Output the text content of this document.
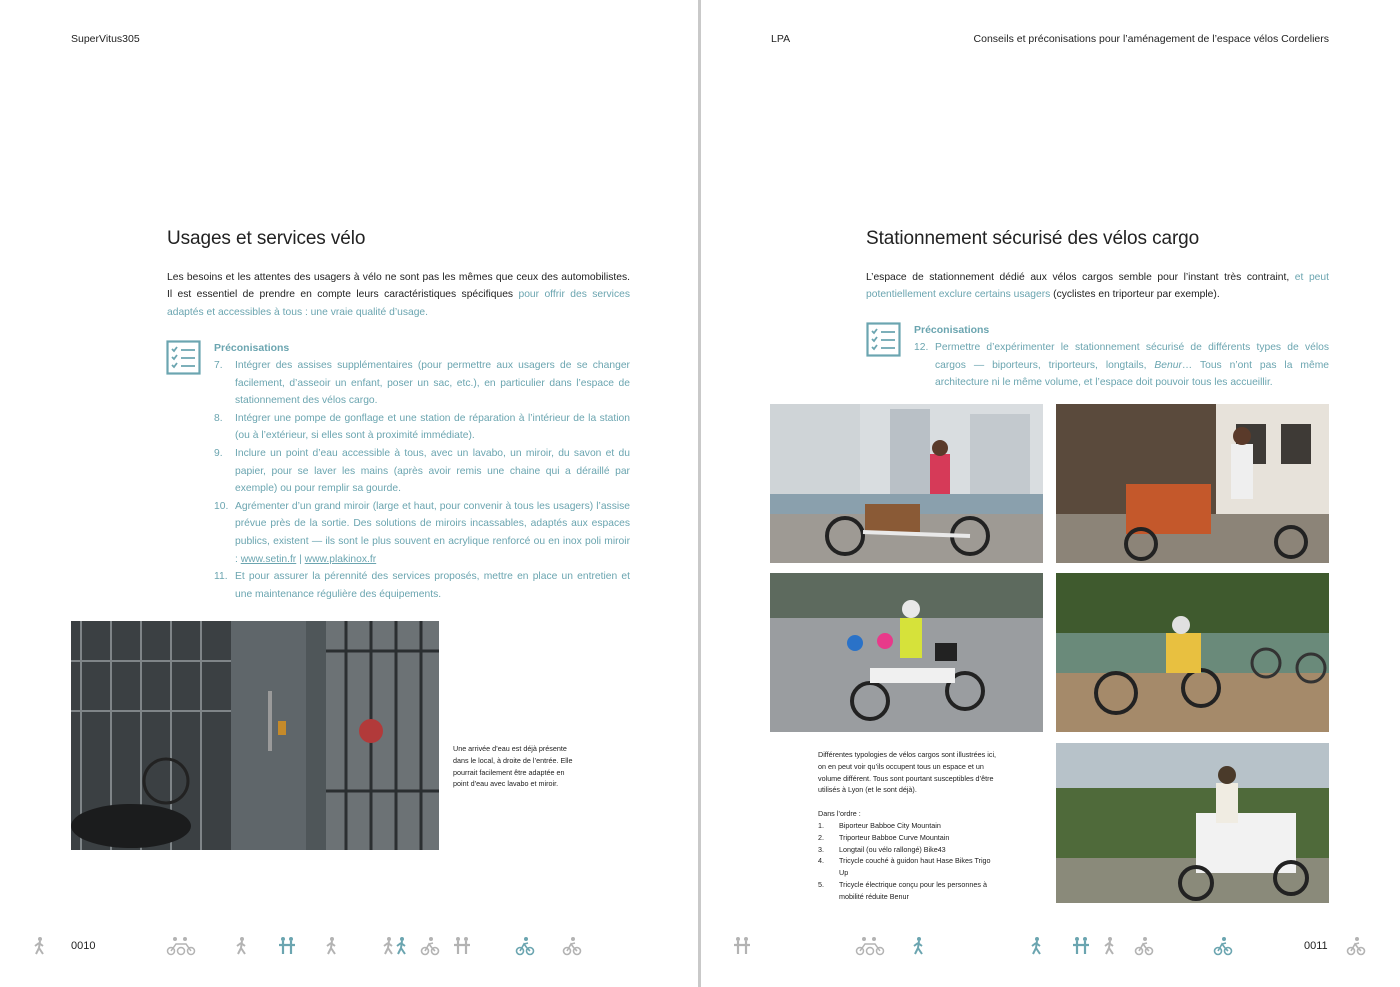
SuperVitus305
Usages et services vélo

Les besoins et les attentes des usagers à vélo ne sont pas les mêmes que ceux des automobilistes. Il est essentiel de prendre en compte leurs caractéristiques spécifiques pour offrir des services adaptés et accessibles à tous : une vraie qualité d’usage.

Préconisations
7.	Intégrer des assises supplémentaires (pour permettre aux usagers de se changer facilement, d’asseoir un enfant, poser un sac, etc.), en particulier dans l’espace de stationnement des vélos cargo.
8.	Intégrer une pompe de gonflage et une station de réparation à l’intérieur de la station (ou à l’extérieur, si elles sont à proximité immédiate).
9.	Inclure un point d’eau accessible à tous, avec un lavabo, un miroir, du savon et du papier, pour se laver les mains (après avoir remis une chaine qui a déraillé par exemple) ou pour remplir sa gourde.
10. Agrémenter d’un grand miroir (large et haut, pour convenir à tous les usagers) l’assise prévue près de la sortie. Des solutions de miroirs incassables, adaptés aux espaces publics, existent — ils sont le plus souvent en acrylique renforcé ou en inox poli miroir : www.setin.fr | www.plakinox.fr
11. Et pour assurer la pérennité des services proposés, mettre en place un entretien et une maintenance régulière des équipements.

Une arrivée d’eau est déjà présente dans le local, à droite de l’entrée. Elle pourrait facilement être adaptée en point d’eau avec lavabo et miroir.

0010
LPA	Conseils et préconisations pour l’aménagement de l’espace vélos Cordeliers
Stationnement sécurisé des vélos cargo

L’espace de stationnement dédié aux vélos cargos semble pour l’instant très contraint, et peut potentiellement exclure certains usagers (cyclistes en triporteur par exemple).

Préconisations
12. Permettre d’expérimenter le stationnement sécurisé de différents types de vélos cargos — biporteurs, triporteurs, longtails, Benur… Tous n’ont pas la même architecture ni le même volume, et l’espace doit pouvoir tous les accueillir.

Différentes typologies de vélos cargos sont illustrées ici, on en peut voir qu’ils occupent tous un espace et un volume différent. Tous sont pourtant susceptibles d’être utilisés à Lyon (et le sont déjà).

Dans l’ordre :

1. Biporteur Babboe City Mountain
2. Triporteur Babboe Curve Mountain
3. Longtail (ou vélo rallongé) Bike43
4. Tricycle couché à guidon haut Hase Bikes Trigo Up
5. Tricycle électrique conçu pour les personnes à mobilité réduite Benur
0011
